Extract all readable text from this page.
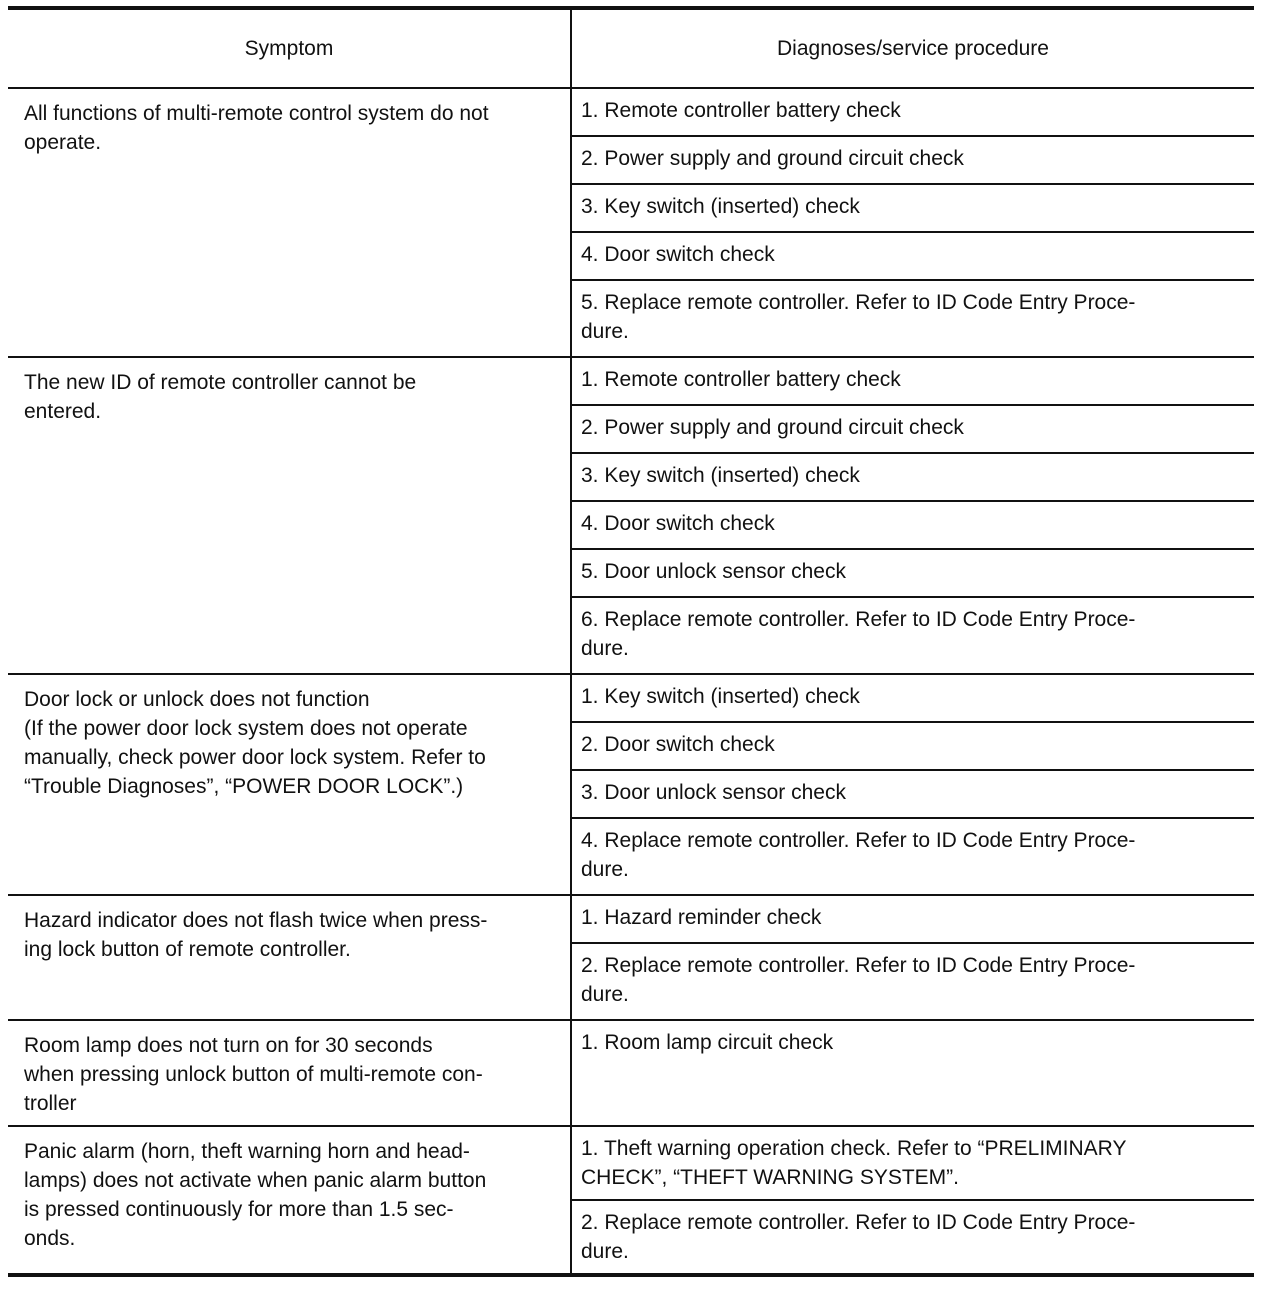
Symptom	Diagnoses/service procedure

All functions of multi-remote control system do not
operate.	1. Remote controller battery check

	2. Power supply and ground circuit check

	3. Key switch (inserted) check

	4. Door switch check

	5. Replace remote controller. Refer to ID Code Entry Proce-
dure.

The new ID of remote controller cannot be
entered.	1. Remote controller battery check

	2. Power supply and ground circuit check

	3. Key switch (inserted) check

	4. Door switch check

	5. Door unlock sensor check

	6. Replace remote controller. Refer to ID Code Entry Proce-
dure.

Door lock or unlock does not function
(If the power door lock system does not operate
manually, check power door lock system. Refer to
“Trouble Diagnoses”, “POWER DOOR LOCK”.)	1. Key switch (inserted) check

	2. Door switch check

	3. Door unlock sensor check

	4. Replace remote controller. Refer to ID Code Entry Proce-
dure.

Hazard indicator does not flash twice when press-
ing lock button of remote controller.	1. Hazard reminder check

	2. Replace remote controller. Refer to ID Code Entry Proce-
dure.

Room lamp does not turn on for 30 seconds
when pressing unlock button of multi-remote con-
troller	1. Room lamp circuit check

Panic alarm (horn, theft warning horn and head-
lamps) does not activate when panic alarm button
is pressed continuously for more than 1.5 sec-
onds.	1. Theft warning operation check. Refer to “PRELIMINARY
CHECK”, “THEFT WARNING SYSTEM”.

	2. Replace remote controller. Refer to ID Code Entry Proce-
dure.
